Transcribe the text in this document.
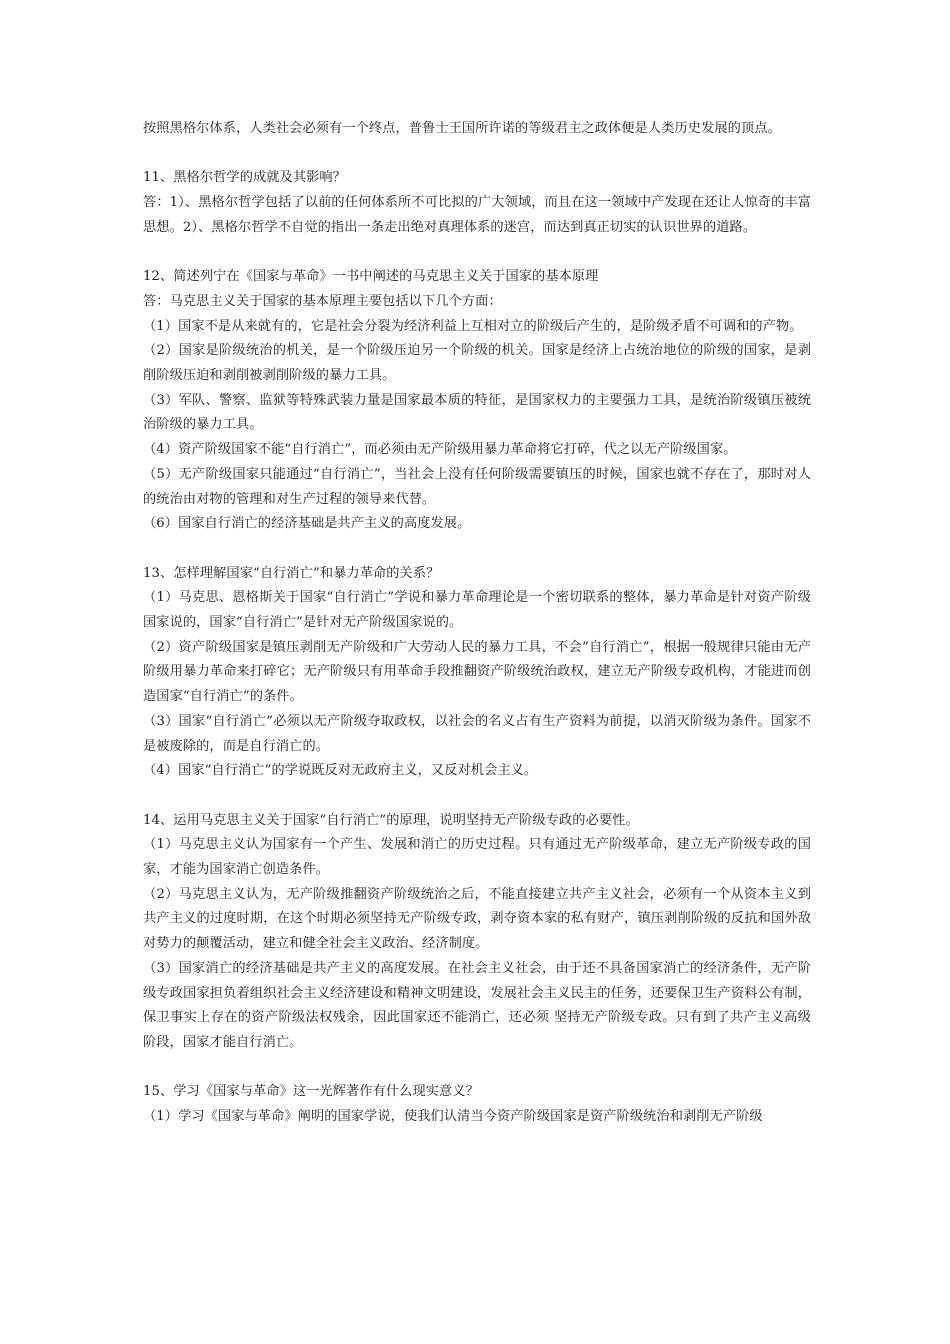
按照黑格尔体系，人类社会必须有一个终点，普鲁士王国所许诺的等级君主之政体便是人类历史发展的顶点。

11、黑格尔哲学的成就及其影响？

答：1）、黑格尔哲学包括了以前的任何体系所不可比拟的广大领域，而且在这一领域中产发现在还让人惊奇的丰富思想。2）、黑格尔哲学不自觉的指出一条走出绝对真理体系的迷宫，而达到真正切实的认识世界的道路。

12、简述列宁在《国家与革命》一书中阐述的马克思主义关于国家的基本原理

答：马克思主义关于国家的基本原理主要包括以下几个方面：

（1）国家不是从来就有的，它是社会分裂为经济利益上互相对立的阶级后产生的，是阶级矛盾不可调和的产物。

（2）国家是阶级统治的机关，是一个阶级压迫另一个阶级的机关。国家是经济上占统治地位的阶级的国家，是剥削阶级压迫和剥削被剥削阶级的暴力工具。

（3）军队、警察、监狱等特殊武装力量是国家最本质的特征，是国家权力的主要强力工具，是统治阶级镇压被统治阶级的暴力工具。

（4）资产阶级国家不能“自行消亡”，而必须由无产阶级用暴力革命将它打碎，代之以无产阶级国家。

（5）无产阶级国家只能通过“自行消亡”，当社会上没有任何阶级需要镇压的时候，国家也就不存在了，那时对人的统治由对物的管理和对生产过程的领导来代替。

（6）国家自行消亡的经济基础是共产主义的高度发展。

13、怎样理解国家“自行消亡”和暴力革命的关系？

（1）马克思、恩格斯关于国家“自行消亡”学说和暴力革命理论是一个密切联系的整体，暴力革命是针对资产阶级国家说的，国家“自行消亡”是针对无产阶级国家说的。

（2）资产阶级国家是镇压剥削无产阶级和广大劳动人民的暴力工具，不会“自行消亡”，根据一般规律只能由无产阶级用暴力革命来打碎它；无产阶级只有用革命手段推翻资产阶级统治政权，建立无产阶级专政机构，才能进而创造国家“自行消亡”的条件。

（3）国家“自行消亡”必须以无产阶级夺取政权，以社会的名义占有生产资料为前提，以消灭阶级为条件。国家不是被废除的，而是自行消亡的。

（4）国家“自行消亡”的学说既反对无政府主义，又反对机会主义。

14、运用马克思主义关于国家“自行消亡”的原理，说明坚持无产阶级专政的必要性。

（1）马克思主义认为国家有一个产生、发展和消亡的历史过程。只有通过无产阶级革命，建立无产阶级专政的国家，才能为国家消亡创造条件。

（2）马克思主义认为，无产阶级推翻资产阶级统治之后，不能直接建立共产主义社会，必须有一个从资本主义到共产主义的过度时期，在这个时期必须坚持无产阶级专政，剥夺资本家的私有财产，镇压剥削阶级的反抗和国外敌对势力的颠覆活动，建立和健全社会主义政治、经济制度。

（3）国家消亡的经济基础是共产主义的高度发展。在社会主义社会，由于还不具备国家消亡的经济条件，无产阶级专政国家担负着组织社会主义经济建设和精神文明建设，发展社会主义民主的任务，还要保卫生产资料公有制，保卫事实上存在的资产阶级法权残余，因此国家还不能消亡，还必须 坚持无产阶级专政。只有到了共产主义高级阶段，国家才能自行消亡。

15、学习《国家与革命》这一光辉著作有什么现实意义？

（1）学习《国家与革命》阐明的国家学说，使我们认清当今资产阶级国家是资产阶级统治和剥削无产阶级
